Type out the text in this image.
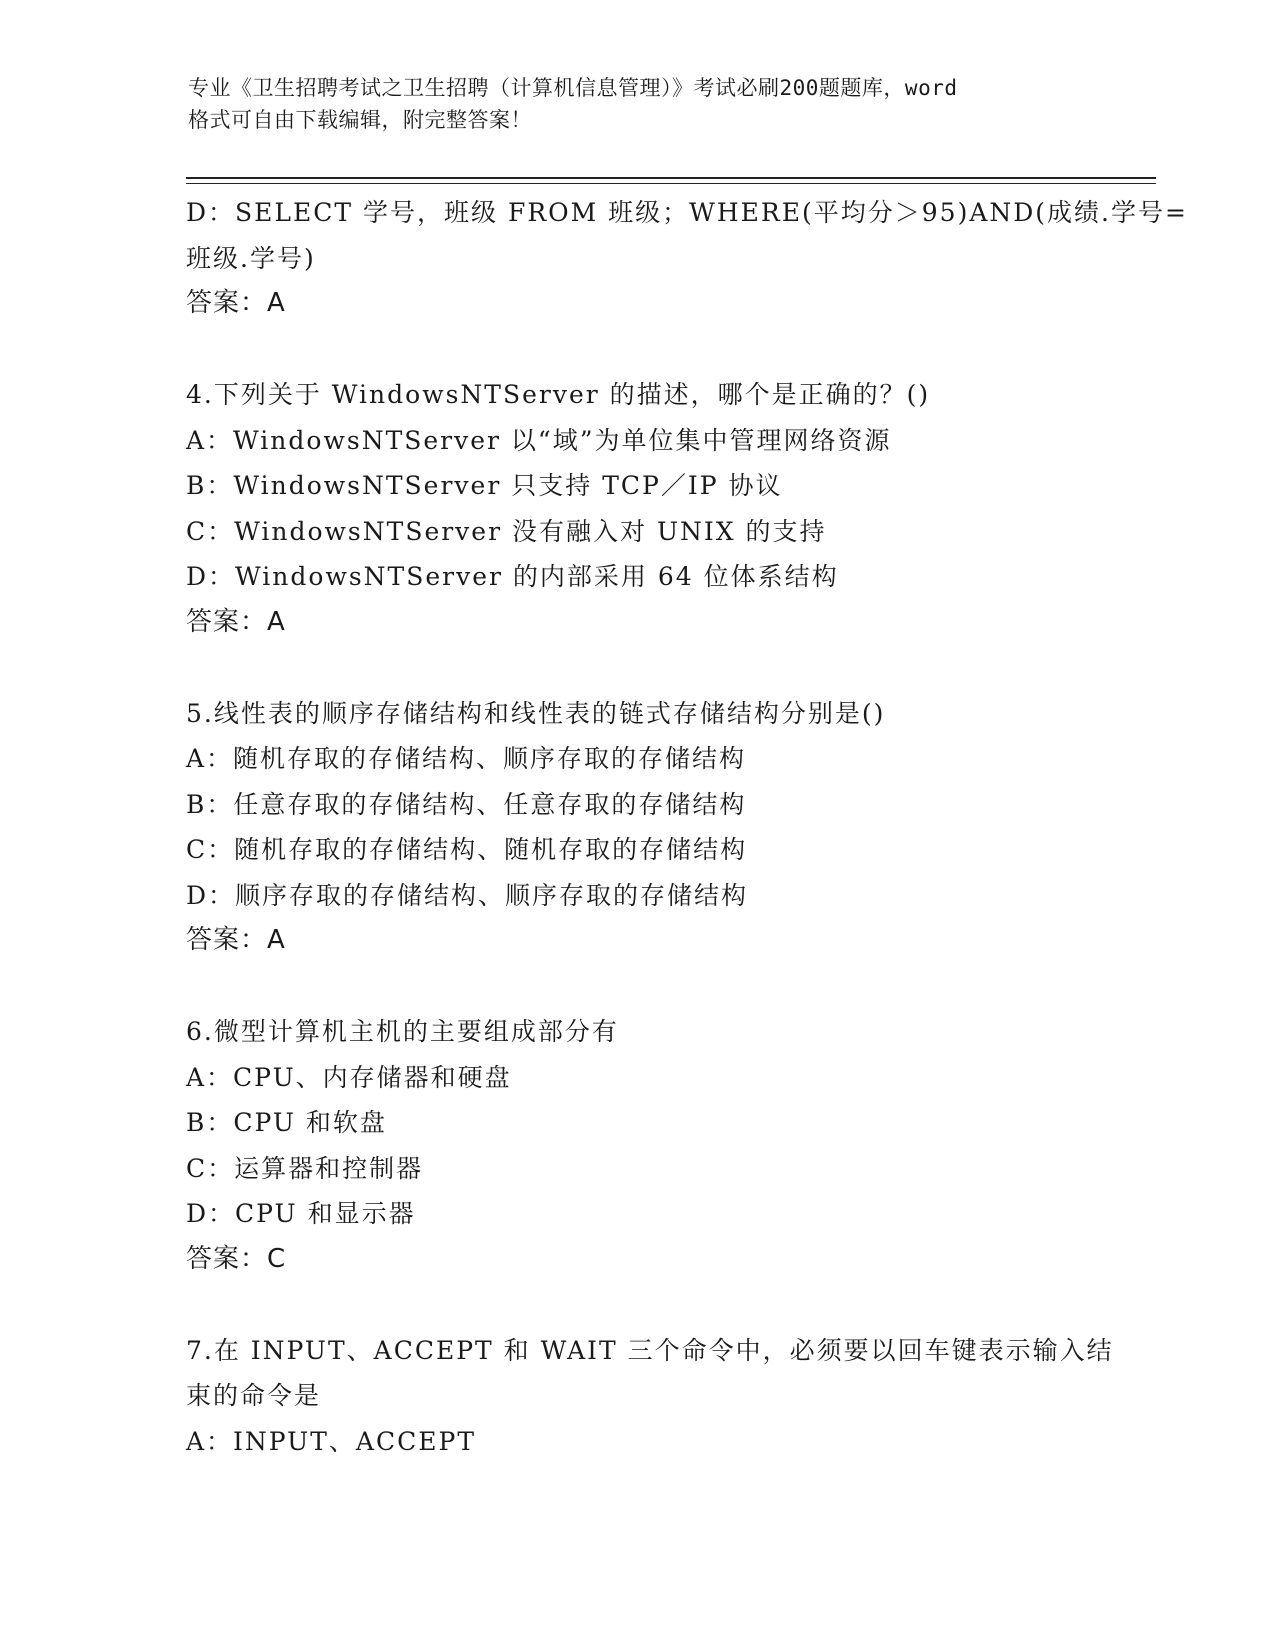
专业《卫生招聘考试之卫生招聘（计算机信息管理）》考试必刷200题题库，word
格式可自由下载编辑，附完整答案！
D：SELECT 学号，班级 FROM 班级；WHERE(平均分＞95)AND(成绩.学号=
班级.学号)
答案：A
4.下列关于 WindowsNTServer 的描述，哪个是正确的？()
A：WindowsNTServer 以“域”为单位集中管理网络资源
B：WindowsNTServer 只支持 TCP／IP 协议
C：WindowsNTServer 没有融入对 UNIX 的支持
D：WindowsNTServer 的内部采用 64 位体系结构
答案：A
5.线性表的顺序存储结构和线性表的链式存储结构分别是()
A：随机存取的存储结构、顺序存取的存储结构
B：任意存取的存储结构、任意存取的存储结构
C：随机存取的存储结构、随机存取的存储结构
D：顺序存取的存储结构、顺序存取的存储结构
答案：A
6.微型计算机主机的主要组成部分有
A：CPU、内存储器和硬盘
B：CPU 和软盘
C：运算器和控制器
D：CPU 和显示器
答案：C
7.在 INPUT、ACCEPT 和 WAIT 三个命令中，必须要以回车键表示输入结
束的命令是
A：INPUT、ACCEPT
